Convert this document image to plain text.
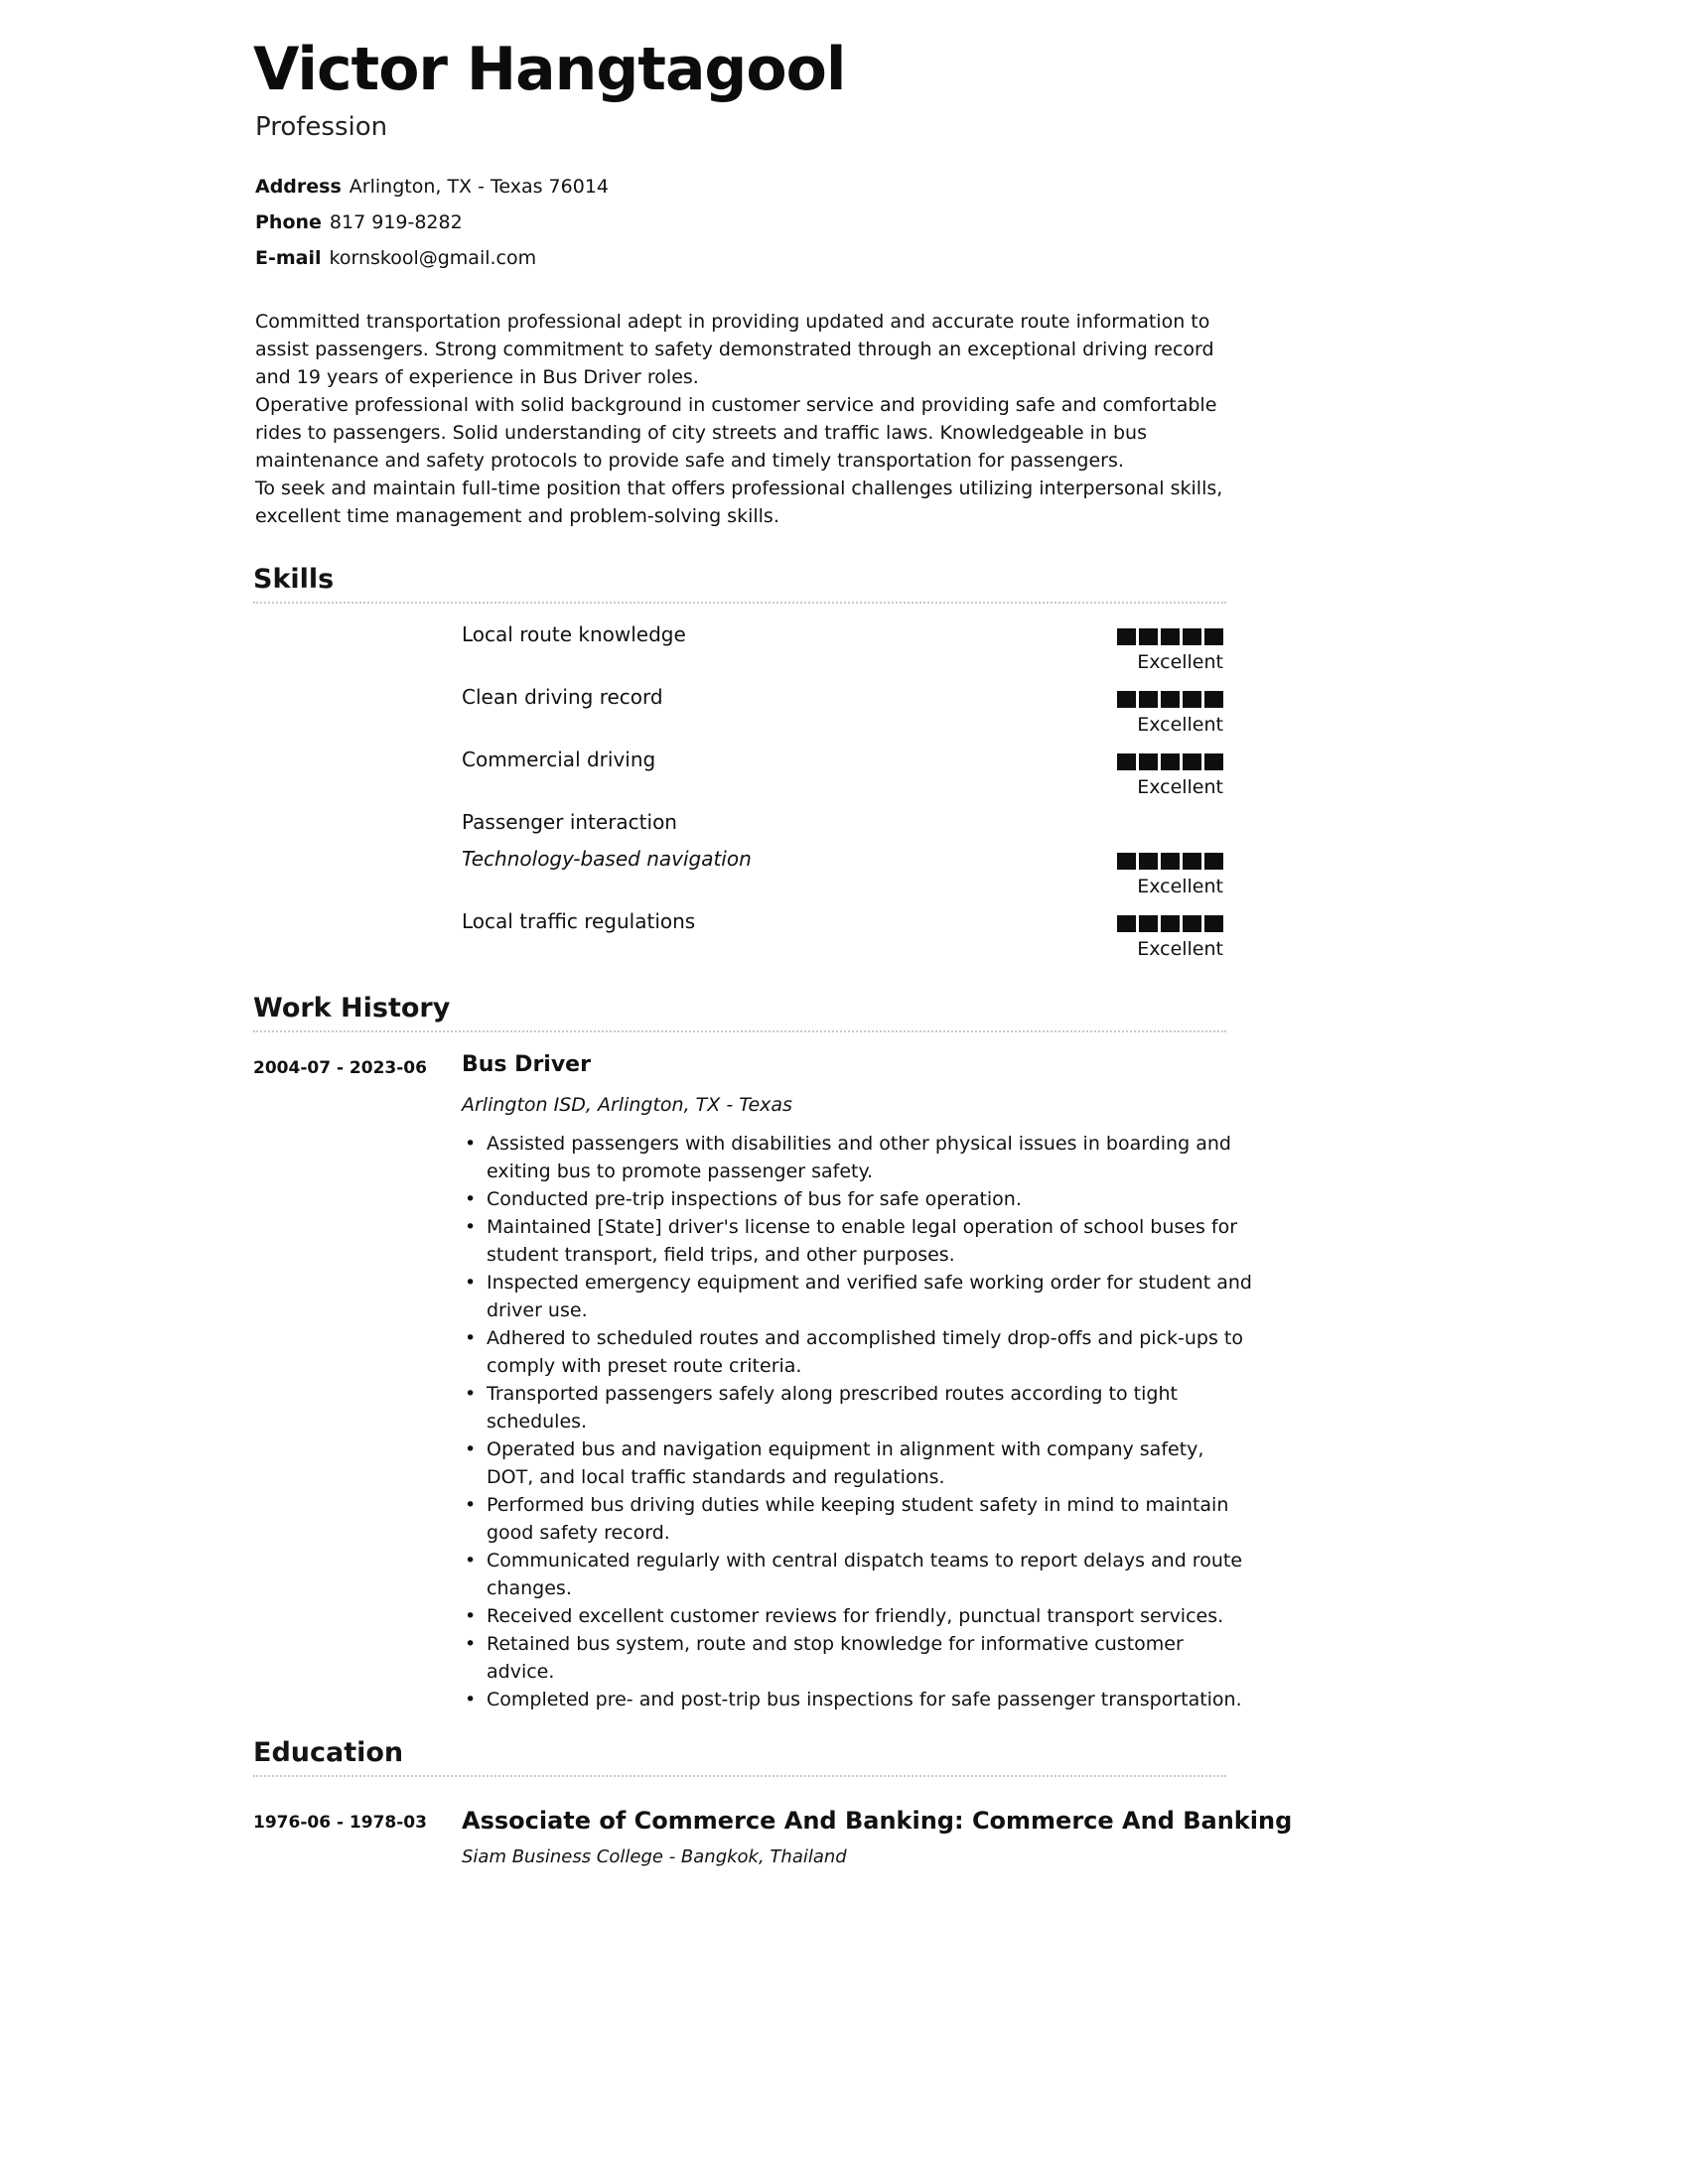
Victor Hangtagool
Profession
Address Arlington, TX - Texas 76014
Phone 817 919-8282
E-mail kornskool@gmail.com

Committed transportation professional adept in providing updated and accurate route information to assist passengers. Strong commitment to safety demonstrated through an exceptional driving record and 19 years of experience in Bus Driver roles.

Operative professional with solid background in customer service and providing safe and comfortable rides to passengers. Solid understanding of city streets and traffic laws. Knowledgeable in bus maintenance and safety protocols to provide safe and timely transportation for passengers.

To seek and maintain full-time position that offers professional challenges utilizing interpersonal skills, excellent time management and problem-solving skills.

Skills
Local route knowledge
Excellent
Clean driving record
Excellent
Commercial driving
Excellent
Passenger interaction
Technology-based navigation
Excellent
Local traffic regulations
Excellent
Work History
2004-07 - 2023-06 Bus Driver
Arlington ISD, Arlington, TX - Texas
• Assisted passengers with disabilities and other physical issues in boarding and exiting bus to promote passenger safety.
• Conducted pre-trip inspections of bus for safe operation.
• Maintained [State] driver's license to enable legal operation of school buses for student transport, field trips, and other purposes.
• Inspected emergency equipment and verified safe working order for student and driver use.
• Adhered to scheduled routes and accomplished timely drop-offs and pick-ups to comply with preset route criteria.
• Transported passengers safely along prescribed routes according to tight schedules.
• Operated bus and navigation equipment in alignment with company safety, DOT, and local traffic standards and regulations.
• Performed bus driving duties while keeping student safety in mind to maintain good safety record.
• Communicated regularly with central dispatch teams to report delays and route changes.
• Received excellent customer reviews for friendly, punctual transport services.
• Retained bus system, route and stop knowledge for informative customer advice.
• Completed pre- and post-trip bus inspections for safe passenger transportation.
Education
1976-06 - 1978-03 Associate of Commerce And Banking: Commerce And Banking
Siam Business College - Bangkok, Thailand
